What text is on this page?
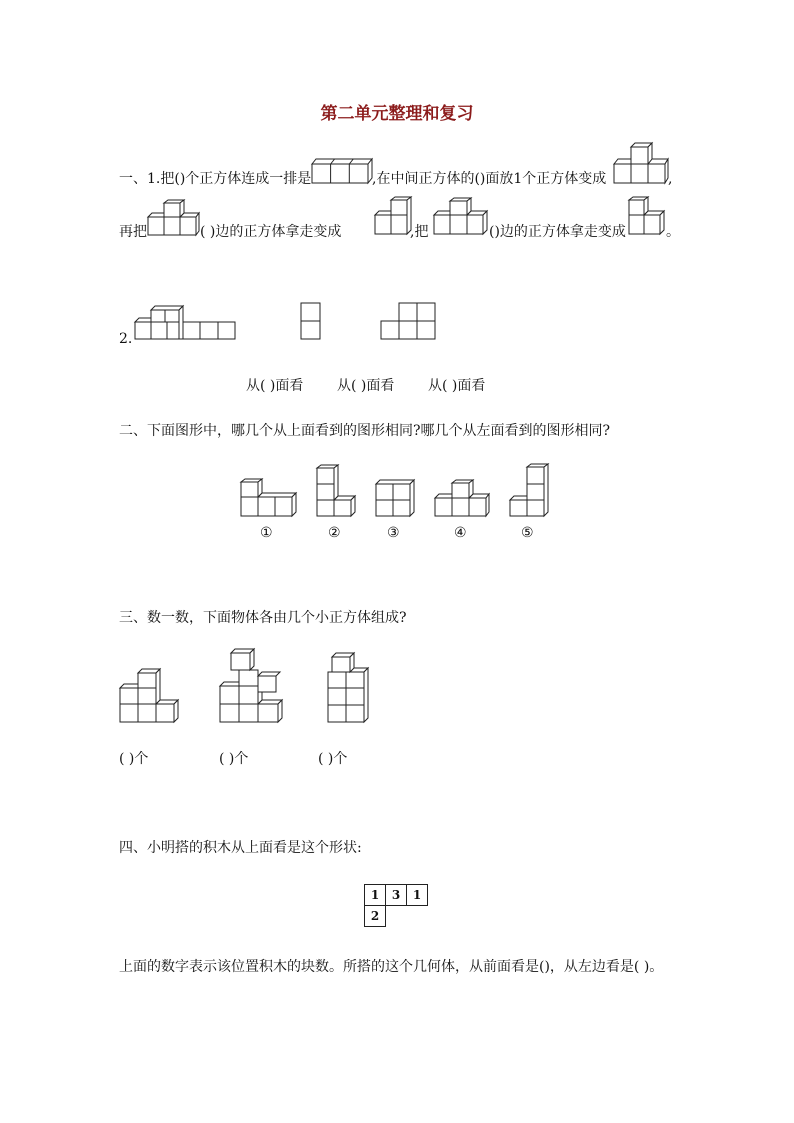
第二单元整理和复习
一、1.把()个正方体连成一排是	,在中间正方体的()面放1个正方体变成	,
再把	( )边的正方体拿走变成	,把	()边的正方体拿走变成	。
2.
从( )面看 从( )面看 从( )面看
二、下面图形中，哪几个从上面看到的图形相同?哪几个从左面看到的图形相同?
①	②	③	④	⑤
三、数一数，下面物体各由几个小正方体组成?
( )个	( )个	( )个
四、小明搭的积木从上面看是这个形状:
1	3	1
2		
上面的数字表示该位置积木的块数。所搭的这个几何体，从前面看是()，从左边看是( )。
